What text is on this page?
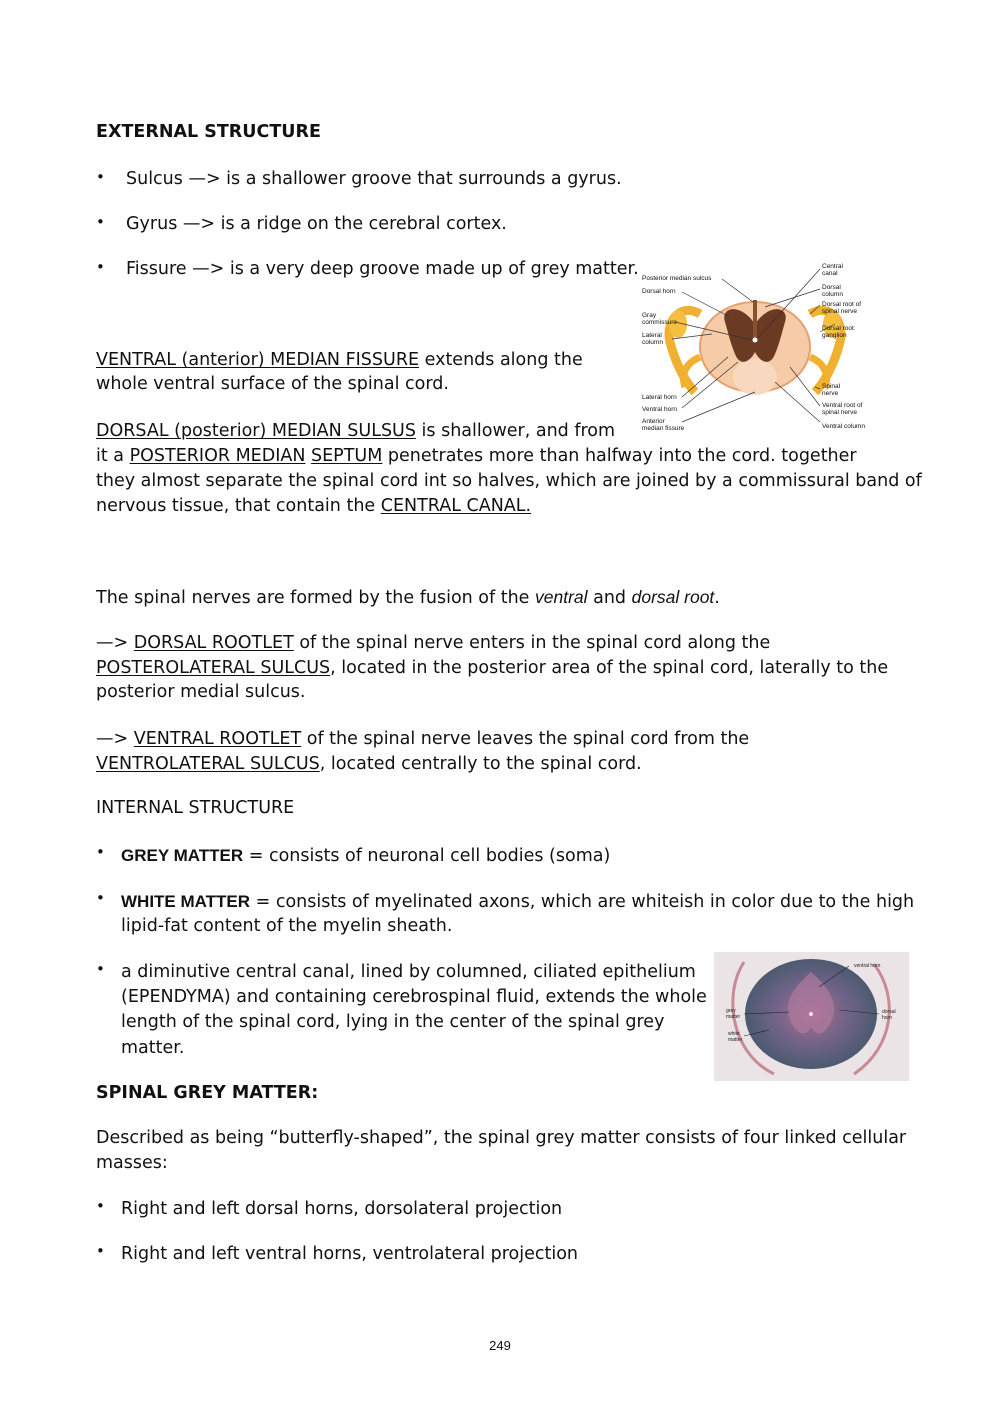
EXTERNAL STRUCTURE
• Sulcus —> is a shallower groove that surrounds a gyrus.
• Gyrus —> is a ridge on the cerebral cortex.
• Fissure —> is a very deep groove made up of grey matter.
VENTRAL (anterior) MEDIAN FISSURE extends along the
whole ventral surface of the spinal cord.
DORSAL (posterior) MEDIAN SULSUS is shallower, and from
it a POSTERIOR MEDIAN SEPTUM penetrates more than halfway into the cord. together
they almost separate the spinal cord int so halves, which are joined by a commissural band of
nervous tissue, that contain the CENTRAL CANAL.
Posterior median sulcus
Dorsal horn
Gray
commissure
Lateral
column
Lateral horn
Ventral horn
Anterior
median fissure
Central
canal
Dorsal
column
Dorsal root of
spinal nerve
Dorsal root
ganglion
Spinal
nerve
Ventral root of
spinal nerve
Ventral column
The spinal nerves are formed by the fusion of the ventral and dorsal root.
—> DORSAL ROOTLET of the spinal nerve enters in the spinal cord along the
POSTEROLATERAL SULCUS, located in the posterior area of the spinal cord, laterally to the
posterior medial sulcus.
—> VENTRAL ROOTLET of the spinal nerve leaves the spinal cord from the
VENTROLATERAL SULCUS, located centrally to the spinal cord.
INTERNAL STRUCTURE
• GREY MATTER = consists of neuronal cell bodies (soma)
• WHITE MATTER = consists of myelinated axons, which are whiteish in color due to the high
lipid-fat content of the myelin sheath.
• a diminutive central canal, lined by columned, ciliated epithelium
(EPENDYMA) and containing cerebrospinal fluid, extends the whole
length of the spinal cord, lying in the center of the spinal grey
matter.
ventral horn
grey
matter
white
matter
dorsal
horn
SPINAL GREY MATTER:
Described as being “butterfly-shaped”, the spinal grey matter consists of four linked cellular
masses:
• Right and left dorsal horns, dorsolateral projection
• Right and left ventral horns, ventrolateral projection
249
